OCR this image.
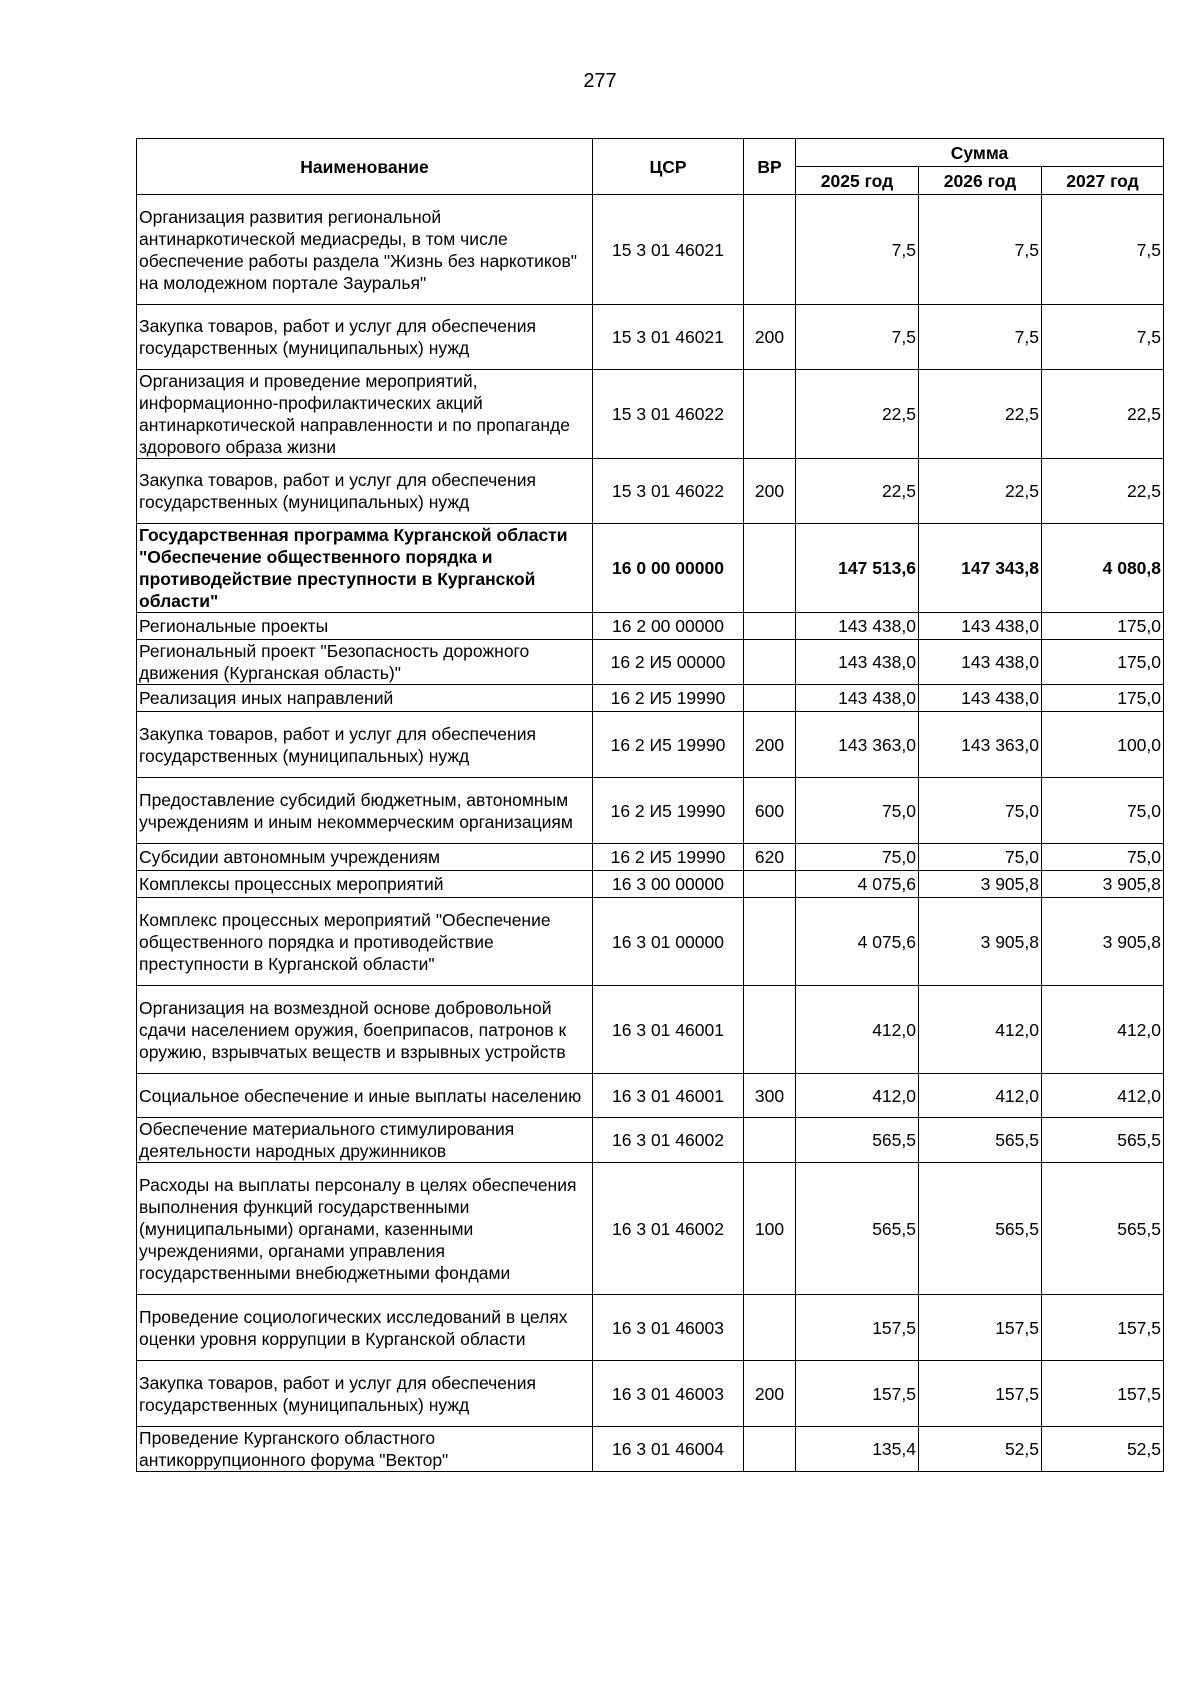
277
Наименование	ЦСР	ВР	Сумма		
			2025 год	2026 год	2027 год
Организация развития региональной антинаркотической медиасреды, в том числе обеспечение работы раздела "Жизнь без наркотиков" на молодежном портале Зауралья"	15 3 01 46021		7,5	7,5	7,5
Закупка товаров, работ и услуг для обеспечения государственных (муниципальных) нужд	15 3 01 46021	200	7,5	7,5	7,5
Организация и проведение мероприятий, информационно-профилактических акций антинаркотической направленности и по пропаганде здорового образа жизни	15 3 01 46022		22,5	22,5	22,5
Закупка товаров, работ и услуг для обеспечения государственных (муниципальных) нужд	15 3 01 46022	200	22,5	22,5	22,5
Государственная программа Курганской области "Обеспечение общественного порядка и противодействие преступности в Курганской области"	16 0 00 00000		147 513,6	147 343,8	4 080,8
Региональные проекты	16 2 00 00000		143 438,0	143 438,0	175,0
Региональный проект "Безопасность дорожного движения (Курганская область)"	16 2 И5 00000		143 438,0	143 438,0	175,0
Реализация иных направлений	16 2 И5 19990		143 438,0	143 438,0	175,0
Закупка товаров, работ и услуг для обеспечения государственных (муниципальных) нужд	16 2 И5 19990	200	143 363,0	143 363,0	100,0
Предоставление субсидий бюджетным, автономным учреждениям и иным некоммерческим организациям	16 2 И5 19990	600	75,0	75,0	75,0
Субсидии автономным учреждениям	16 2 И5 19990	620	75,0	75,0	75,0
Комплексы процессных мероприятий	16 3 00 00000		4 075,6	3 905,8	3 905,8
Комплекс процессных мероприятий "Обеспечение общественного порядка и противодействие преступности в Курганской области"	16 3 01 00000		4 075,6	3 905,8	3 905,8
Организация на возмездной основе добровольной сдачи населением оружия, боеприпасов, патронов к оружию, взрывчатых веществ и взрывных устройств	16 3 01 46001		412,0	412,0	412,0
Социальное обеспечение и иные выплаты населению	16 3 01 46001	300	412,0	412,0	412,0
Обеспечение материального стимулирования деятельности народных дружинников	16 3 01 46002		565,5	565,5	565,5
Расходы на выплаты персоналу в целях обеспечения выполнения функций государственными (муниципальными) органами, казенными учреждениями, органами управления государственными внебюджетными фондами	16 3 01 46002	100	565,5	565,5	565,5
Проведение социологических исследований в целях оценки уровня коррупции в Курганской области	16 3 01 46003		157,5	157,5	157,5
Закупка товаров, работ и услуг для обеспечения государственных (муниципальных) нужд	16 3 01 46003	200	157,5	157,5	157,5
Проведение Курганского областного антикоррупционного форума "Вектор"	16 3 01 46004		135,4	52,5	52,5
